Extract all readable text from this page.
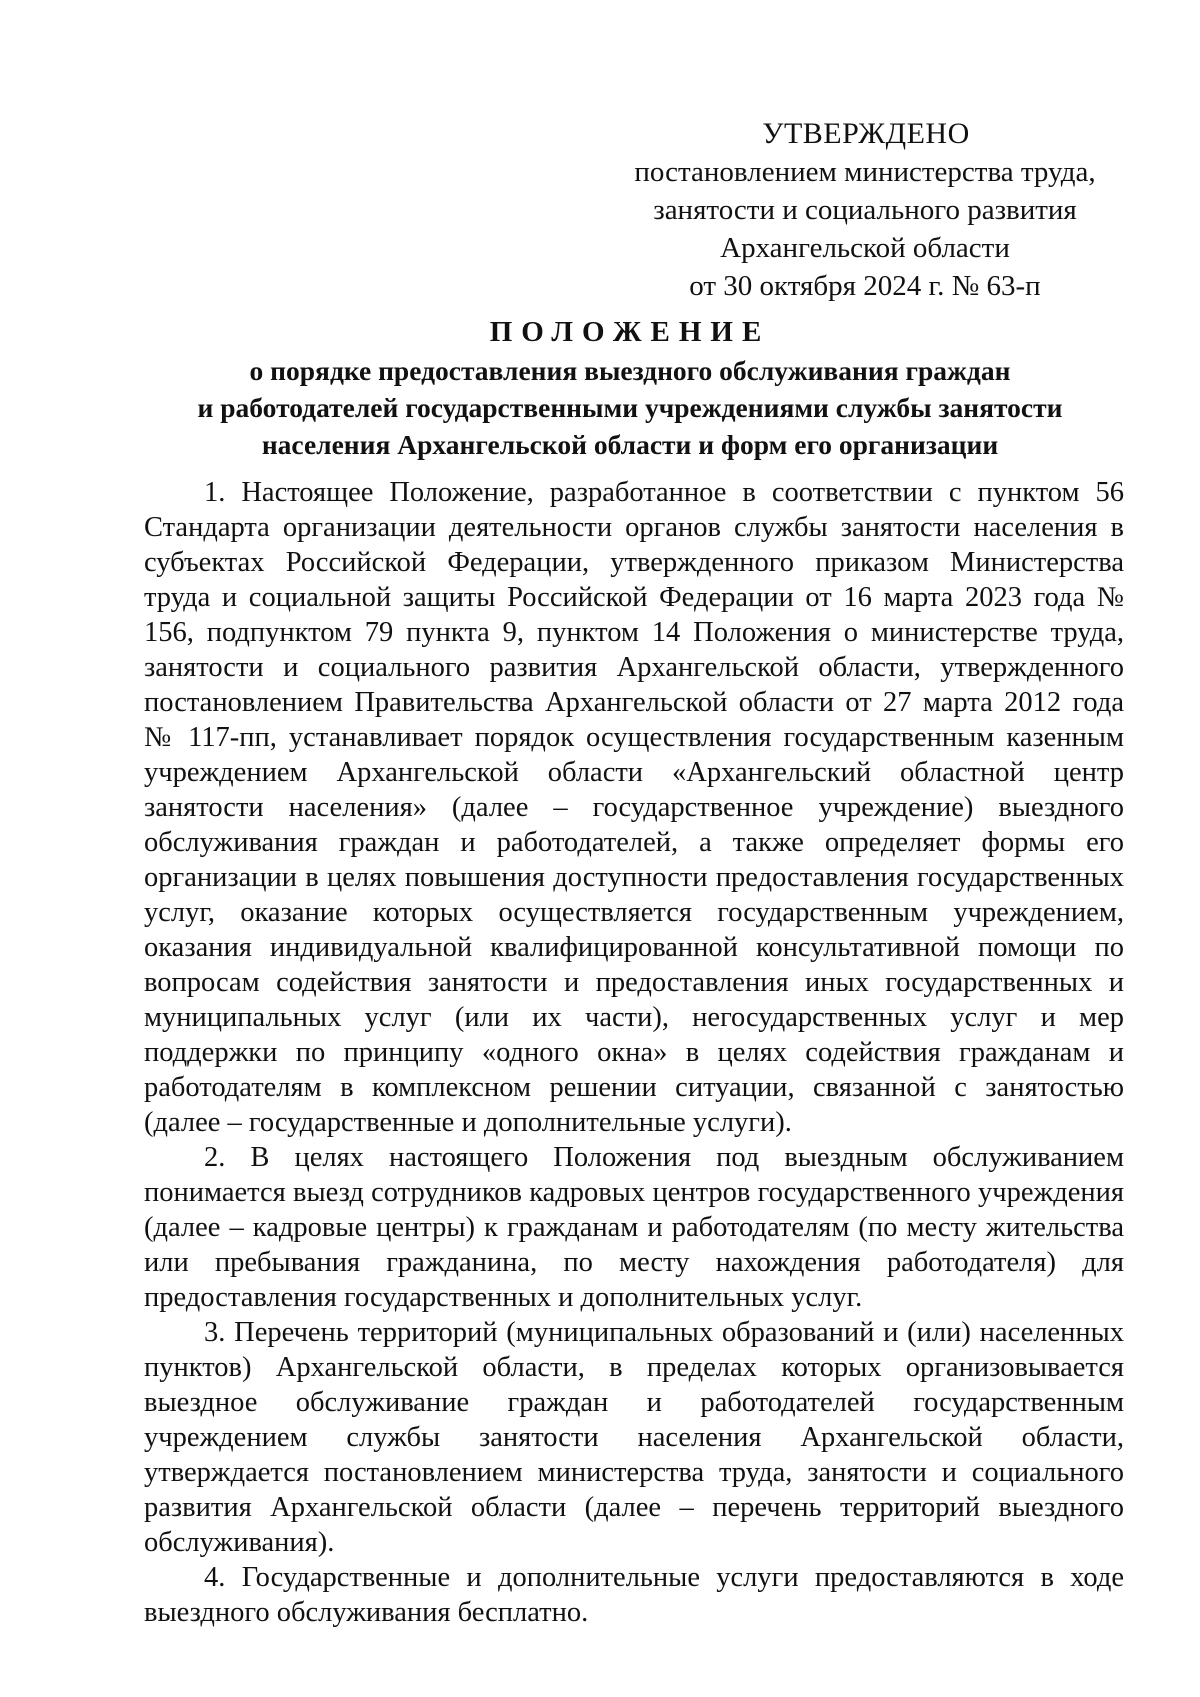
УТВЕРЖДЕНО
постановлением министерства труда,
занятости и социального развития
Архангельской области
от 30 октября 2024 г. № 63-п
ПОЛОЖЕНИЕ
о порядке предоставления выездного обслуживания граждан
и работодателей государственными учреждениями службы занятости
населения Архангельской области и форм его организации

1. Настоящее Положение, разработанное в соответствии с пунктом 56 Стандарта организации деятельности органов службы занятости населения в субъектах Российской Федерации, утвержденного приказом Министерства труда и социальной защиты Российской Федерации от 16 марта 2023 года № 156, подпунктом 79 пункта 9, пунктом 14 Положения о министерстве труда, занятости и социального развития Архангельской области, утвержденного постановлением Правительства Архангельской области от 27 марта 2012 года № 117-пп, устанавливает порядок осуществления государственным казенным учреждением Архангельской области «Архангельский областной центр занятости населения» (далее – государственное учреждение) выездного обслуживания граждан и работодателей, а также определяет формы его организации в целях повышения доступности предоставления государственных услуг, оказание которых осуществляется государственным учреждением, оказания индивидуальной квалифицированной консультативной помощи по вопросам содействия занятости и предоставления иных государственных и муниципальных услуг (или их части), негосударственных услуг и мер поддержки по принципу «одного окна» в целях содействия гражданам и работодателям в комплексном решении ситуации, связанной с занятостью (далее – государственные и дополнительные услуги).

2. В целях настоящего Положения под выездным обслуживанием понимается выезд сотрудников кадровых центров государственного учреждения (далее – кадровые центры) к гражданам и работодателям (по месту жительства или пребывания гражданина, по месту нахождения работодателя) для предоставления государственных и дополнительных услуг.

3. Перечень территорий (муниципальных образований и (или) населенных пунктов) Архангельской области, в пределах которых организовывается выездное обслуживание граждан и работодателей государственным учреждением службы занятости населения Архангельской области, утверждается постановлением министерства труда, занятости и социального развития Архангельской области (далее – перечень территорий выездного обслуживания).

4. Государственные и дополнительные услуги предоставляются в ходе выездного обслуживания бесплатно.
